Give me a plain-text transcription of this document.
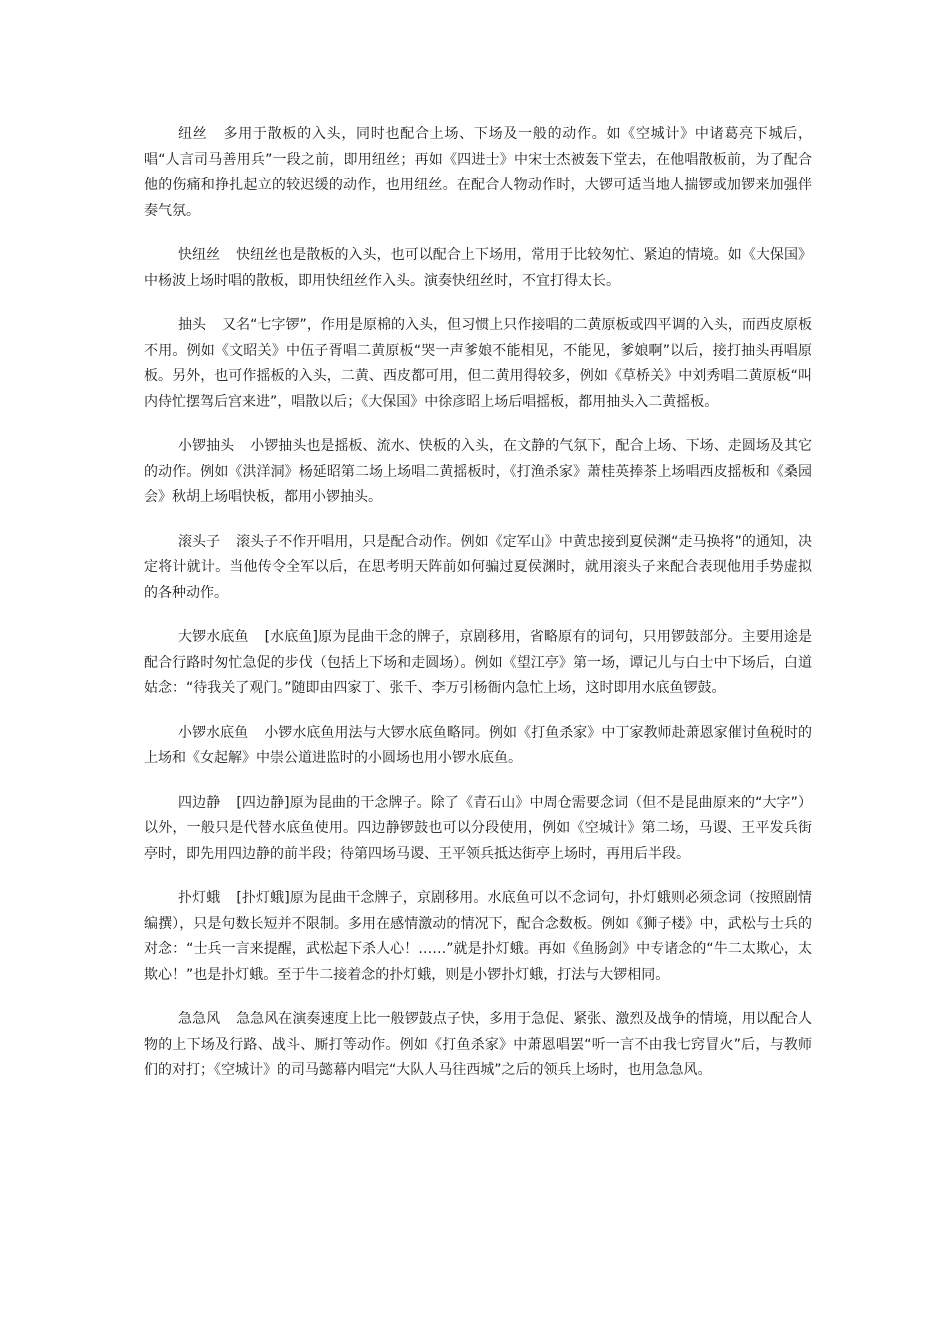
纽丝 多用于散板的入头，同时也配合上场、下场及一般的动作。如《空城计》中诸葛亮下城后，唱“人言司马善用兵”一段之前，即用纽丝；再如《四进士》中宋士杰被轰下堂去，在他唱散板前，为了配合他的伤痛和挣扎起立的较迟缓的动作，也用纽丝。在配合人物动作时，大锣可适当地人揣锣或加锣来加强伴奏气氛。

快纽丝 快纽丝也是散板的入头，也可以配合上下场用，常用于比较匆忙、紧迫的情境。如《大保国》中杨波上场时唱的散板，即用快纽丝作入头。演奏快纽丝时，不宜打得太长。

抽头 又名“七字锣”，作用是原棉的入头，但习惯上只作接唱的二黄原板或四平调的入头，而西皮原板不用。例如《文昭关》中伍子胥唱二黄原板“哭一声爹娘不能相见，不能见，爹娘啊”以后，接打抽头再唱原板。另外，也可作摇板的入头，二黄、西皮都可用，但二黄用得较多，例如《草桥关》中刘秀唱二黄原板“叫内侍忙摆驾后宫来进”，唱散以后；《大保国》中徐彦昭上场后唱摇板，都用抽头入二黄摇板。

小锣抽头 小锣抽头也是摇板、流水、快板的入头，在文静的气氛下，配合上场、下场、走圆场及其它的动作。例如《洪洋洞》杨延昭第二场上场唱二黄摇板时，《打渔杀家》萧桂英捧茶上场唱西皮摇板和《桑园会》秋胡上场唱快板，都用小锣抽头。

滚头子 滚头子不作开唱用，只是配合动作。例如《定军山》中黄忠接到夏侯渊“走马换将”的通知，决定将计就计。当他传令全军以后，在思考明天阵前如何骗过夏侯渊时，就用滚头子来配合表现他用手势虚拟的各种动作。

大锣水底鱼 [水底鱼]原为昆曲干念的牌子，京剧移用，省略原有的词句，只用锣鼓部分。主要用途是配合行路时匆忙急促的步伐（包括上下场和走圆场）。例如《望江亭》第一场，谭记儿与白士中下场后，白道姑念：“待我关了观门。”随即由四家丁、张千、李万引杨衙内急忙上场，这时即用水底鱼锣鼓。

小锣水底鱼 小锣水底鱼用法与大锣水底鱼略同。例如《打鱼杀家》中丁家教师赴萧恩家催讨鱼税时的上场和《女起解》中崇公道进监时的小圆场也用小锣水底鱼。

四边静 [四边静]原为昆曲的干念牌子。除了《青石山》中周仓需要念词（但不是昆曲原来的“大字”）以外，一般只是代替水底鱼使用。四边静锣鼓也可以分段使用，例如《空城计》第二场，马谡、王平发兵街亭时，即先用四边静的前半段；待第四场马谡、王平领兵抵达街亭上场时，再用后半段。

扑灯蛾 [扑灯蛾]原为昆曲干念牌子，京剧移用。水底鱼可以不念词句，扑灯蛾则必须念词（按照剧情编撰），只是句数长短并不限制。多用在感情激动的情况下，配合念数板。例如《狮子楼》中，武松与士兵的对念：“士兵一言来提醒，武松起下杀人心！……”就是扑灯蛾。再如《鱼肠剑》中专诸念的“牛二太欺心，太欺心！”也是扑灯蛾。至于牛二接着念的扑灯蛾，则是小锣扑灯蛾，打法与大锣相同。

急急风 急急风在演奏速度上比一般锣鼓点子快，多用于急促、紧张、激烈及战争的情境，用以配合人物的上下场及行路、战斗、厮打等动作。例如《打鱼杀家》中萧恩唱罢“听一言不由我七窍冒火”后，与教师们的对打；《空城计》的司马懿幕内唱完“大队人马往西城”之后的领兵上场时，也用急急风。
